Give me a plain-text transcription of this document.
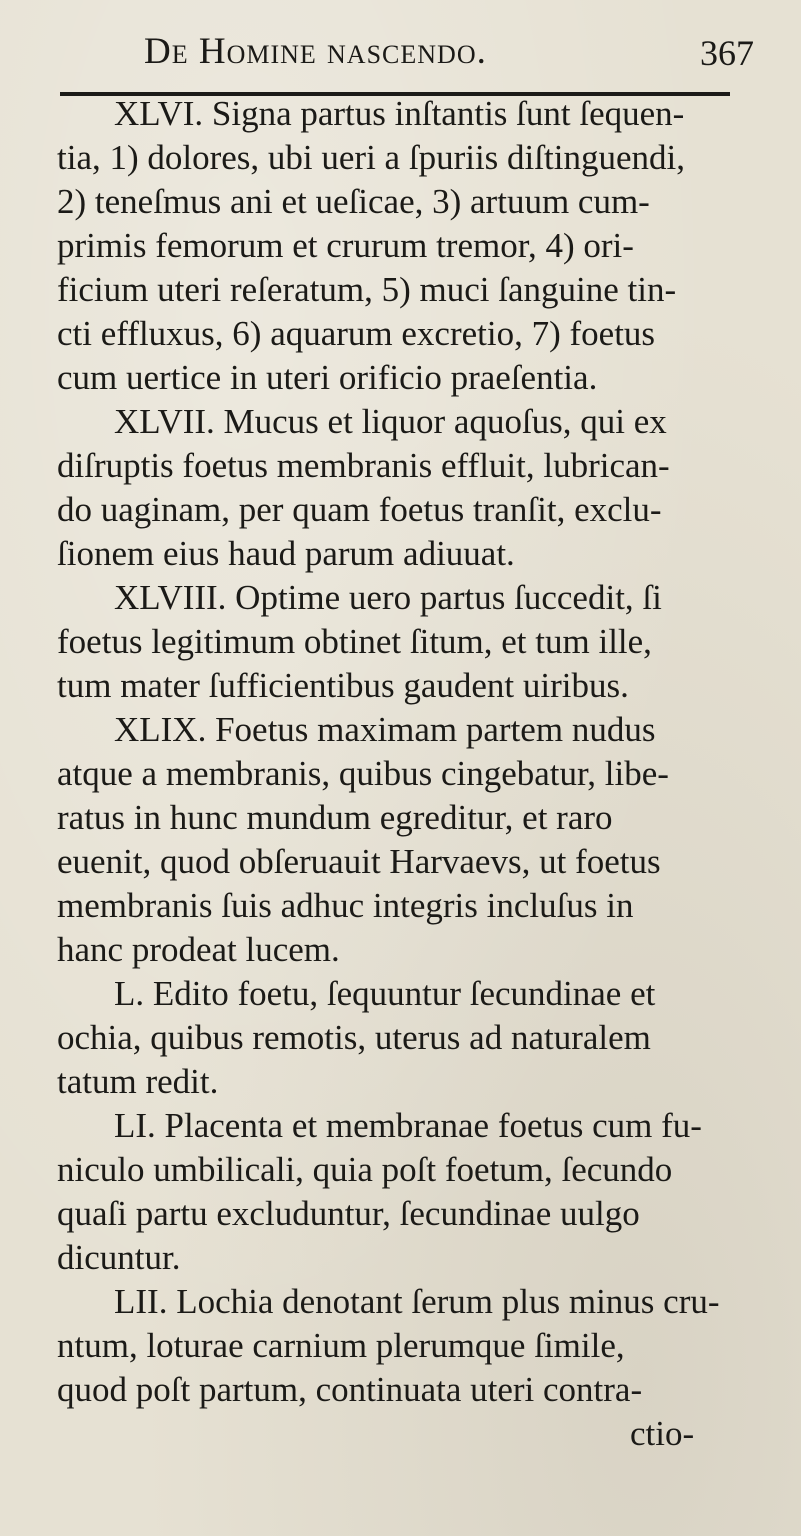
De Homine nascendo.	367
XLVI. Signa partus inſtantis ſunt ſequen-
tia, 1) dolores, ubi ueri a ſpuriis diſtinguendi,
2) teneſmus ani et ueſicae, 3) artuum cum-
primis femorum et crurum tremor, 4) ori-
ficium uteri reſeratum, 5) muci ſanguine tin-
cti effluxus, 6) aquarum excretio, 7) foetus
cum uertice in uteri orificio praeſentia.
XLVII. Mucus et liquor aquoſus, qui ex
diſruptis foetus membranis effluit, lubrican-
do uaginam, per quam foetus tranſit, exclu-
ſionem eius haud parum adiuuat.
XLVIII. Optime uero partus ſuccedit, ſi
foetus legitimum obtinet ſitum, et tum ille,
tum mater ſufficientibus gaudent uiribus.
XLIX. Foetus maximam partem nudus
atque a membranis, quibus cingebatur, libe-
ratus in hunc mundum egreditur, et raro
euenit, quod obſeruauit Harvaevs, ut foetus
membranis ſuis adhuc integris incluſus in
hanc prodeat lucem.
L. Edito foetu, ſequuntur ſecundinae et
ochia, quibus remotis, uterus ad naturalem
tatum redit.
LI. Placenta et membranae foetus cum fu-
niculo umbilicali, quia poſt foetum, ſecundo
quaſi partu excluduntur, ſecundinae uulgo
dicuntur.
LII. Lochia denotant ſerum plus minus cru-
ntum, loturae carnium plerumque ſimile,
quod poſt partum, continuata uteri contra-
ctio-
